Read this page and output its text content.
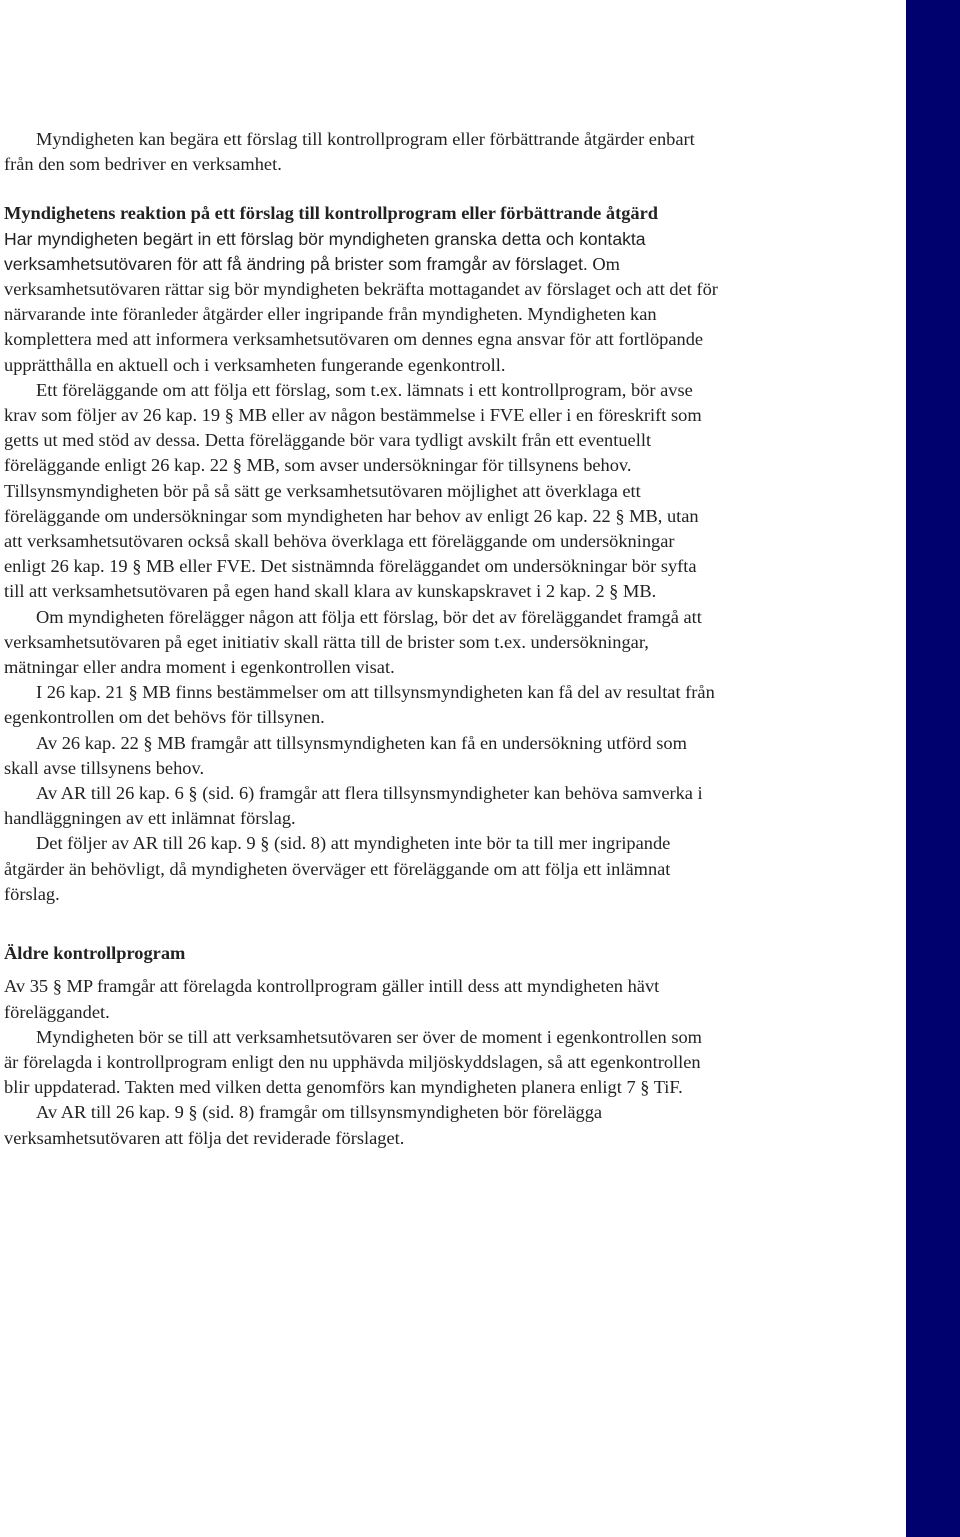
Myndigheten kan begära ett förslag till kontrollprogram eller förbättrande åtgärder enbart från den som bedriver en verksamhet.

Myndighetens reaktion på ett förslag till kontrollprogram eller förbättrande åtgärd

Har myndigheten begärt in ett förslag bör myndigheten granska detta och kontakta verksamhetsutövaren för att få ändring på brister som framgår av förslaget. Om verksamhetsutövaren rättar sig bör myndigheten bekräfta mottagandet av förslaget och att det för närvarande inte föranleder åtgärder eller ingripande från myndigheten. Myndigheten kan komplettera med att informera verksamhetsutövaren om dennes egna ansvar för att fortlöpande upprätthålla en aktuell och i verksamheten fungerande egenkontroll.

Ett föreläggande om att följa ett förslag, som t.ex. lämnats i ett kontrollprogram, bör avse krav som följer av 26 kap. 19 § MB eller av någon bestämmelse i FVE eller i en föreskrift som getts ut med stöd av dessa. Detta föreläggande bör vara tydligt avskilt från ett eventuellt föreläggande enligt 26 kap. 22 § MB, som avser undersökningar för tillsynens behov. Tillsynsmyndigheten bör på så sätt ge verksamhetsutövaren möjlighet att överklaga ett föreläggande om undersökningar som myndigheten har behov av enligt 26 kap. 22 § MB, utan att verksamhetsutövaren också skall behöva överklaga ett föreläggande om undersökningar enligt 26 kap. 19 § MB eller FVE. Det sistnämnda föreläggandet om undersökningar bör syfta till att verksamhetsutövaren på egen hand skall klara av kunskapskravet i 2 kap. 2 § MB.

Om myndigheten förelägger någon att följa ett förslag, bör det av föreläggandet framgå att verksamhetsutövaren på eget initiativ skall rätta till de brister som t.ex. undersökningar, mätningar eller andra moment i egenkontrollen visat.

I 26 kap. 21 § MB finns bestämmelser om att tillsynsmyndigheten kan få del av resultat från egenkontrollen om det behövs för tillsynen.

Av 26 kap. 22 § MB framgår att tillsynsmyndigheten kan få en undersökning utförd som skall avse tillsynens behov.

Av AR till 26 kap. 6 § (sid. 6) framgår att flera tillsynsmyndigheter kan behöva samverka i handläggningen av ett inlämnat förslag.

Det följer av AR till 26 kap. 9 § (sid. 8) att myndigheten inte bör ta till mer ingripande åtgärder än behövligt, då myndigheten överväger ett föreläggande om att följa ett inlämnat förslag.

Äldre kontrollprogram

Av 35 § MP framgår att förelagda kontrollprogram gäller intill dess att myndigheten hävt föreläggandet.

Myndigheten bör se till att verksamhetsutövaren ser över de moment i egenkontrollen som är förelagda i kontrollprogram enligt den nu upphävda miljöskyddslagen, så att egenkontrollen blir uppdaterad. Takten med vilken detta genomförs kan myndigheten planera enligt 7 § TiF.

Av AR till 26 kap. 9 § (sid. 8) framgår om tillsynsmyndigheten bör förelägga verksamhetsutövaren att följa det reviderade förslaget.
